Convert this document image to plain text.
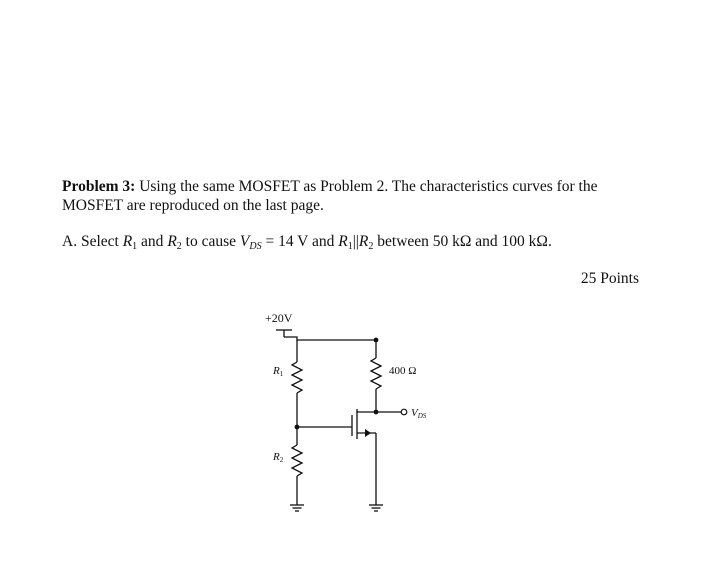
Problem 3: Using the same MOSFET as Problem 2. The characteristics curves for the
MOSFET are reproduced on the last page.
A. Select $R_1$ and $R_2$ to cause $V_{DS} = 14$ V and $R_1||R_2$ between 50 kΩ and 100 kΩ.
25 Points
+20V
R1
R2
400 Ω
VDS
